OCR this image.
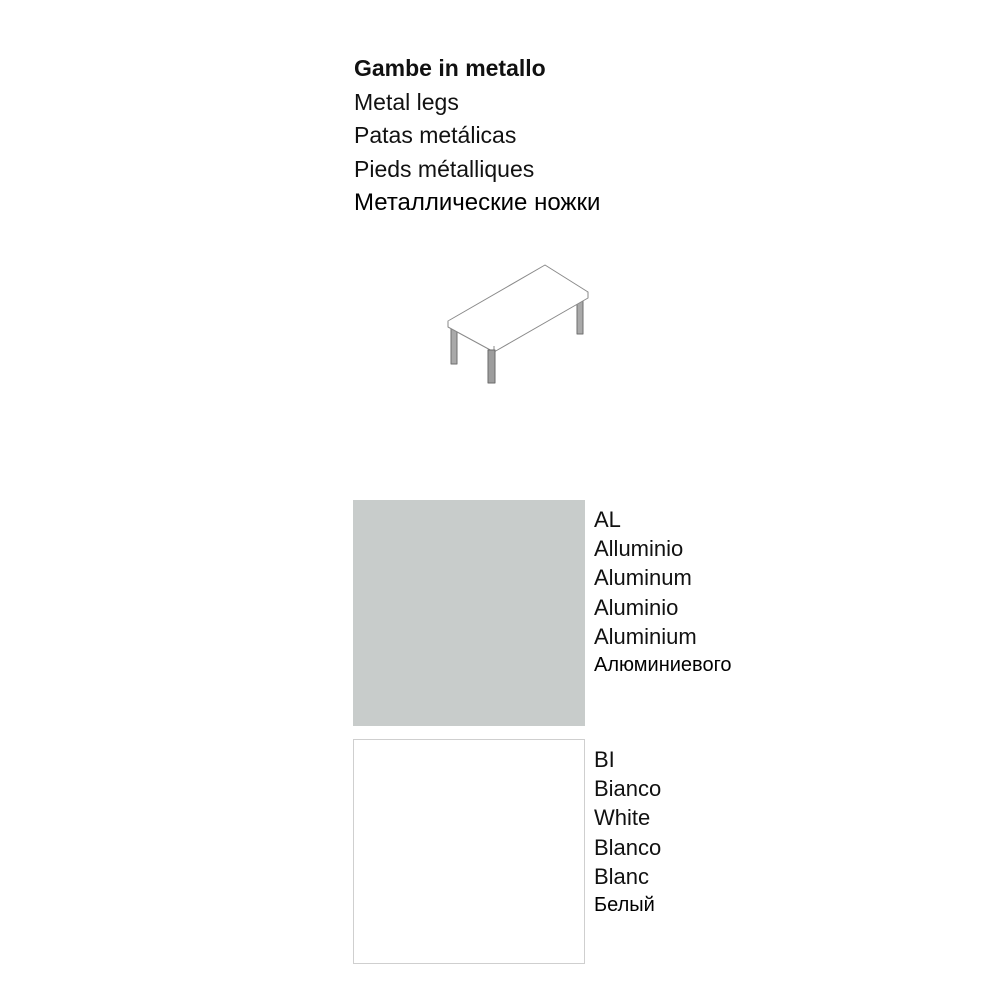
Gambe in metallo
Metal legs
Patas metálicas
Pieds métalliques
Металлические ножки
AL
Alluminio
Aluminum
Aluminio
Aluminium
Алюминиевого
BI
Bianco
White
Blanco
Blanc
Белый
